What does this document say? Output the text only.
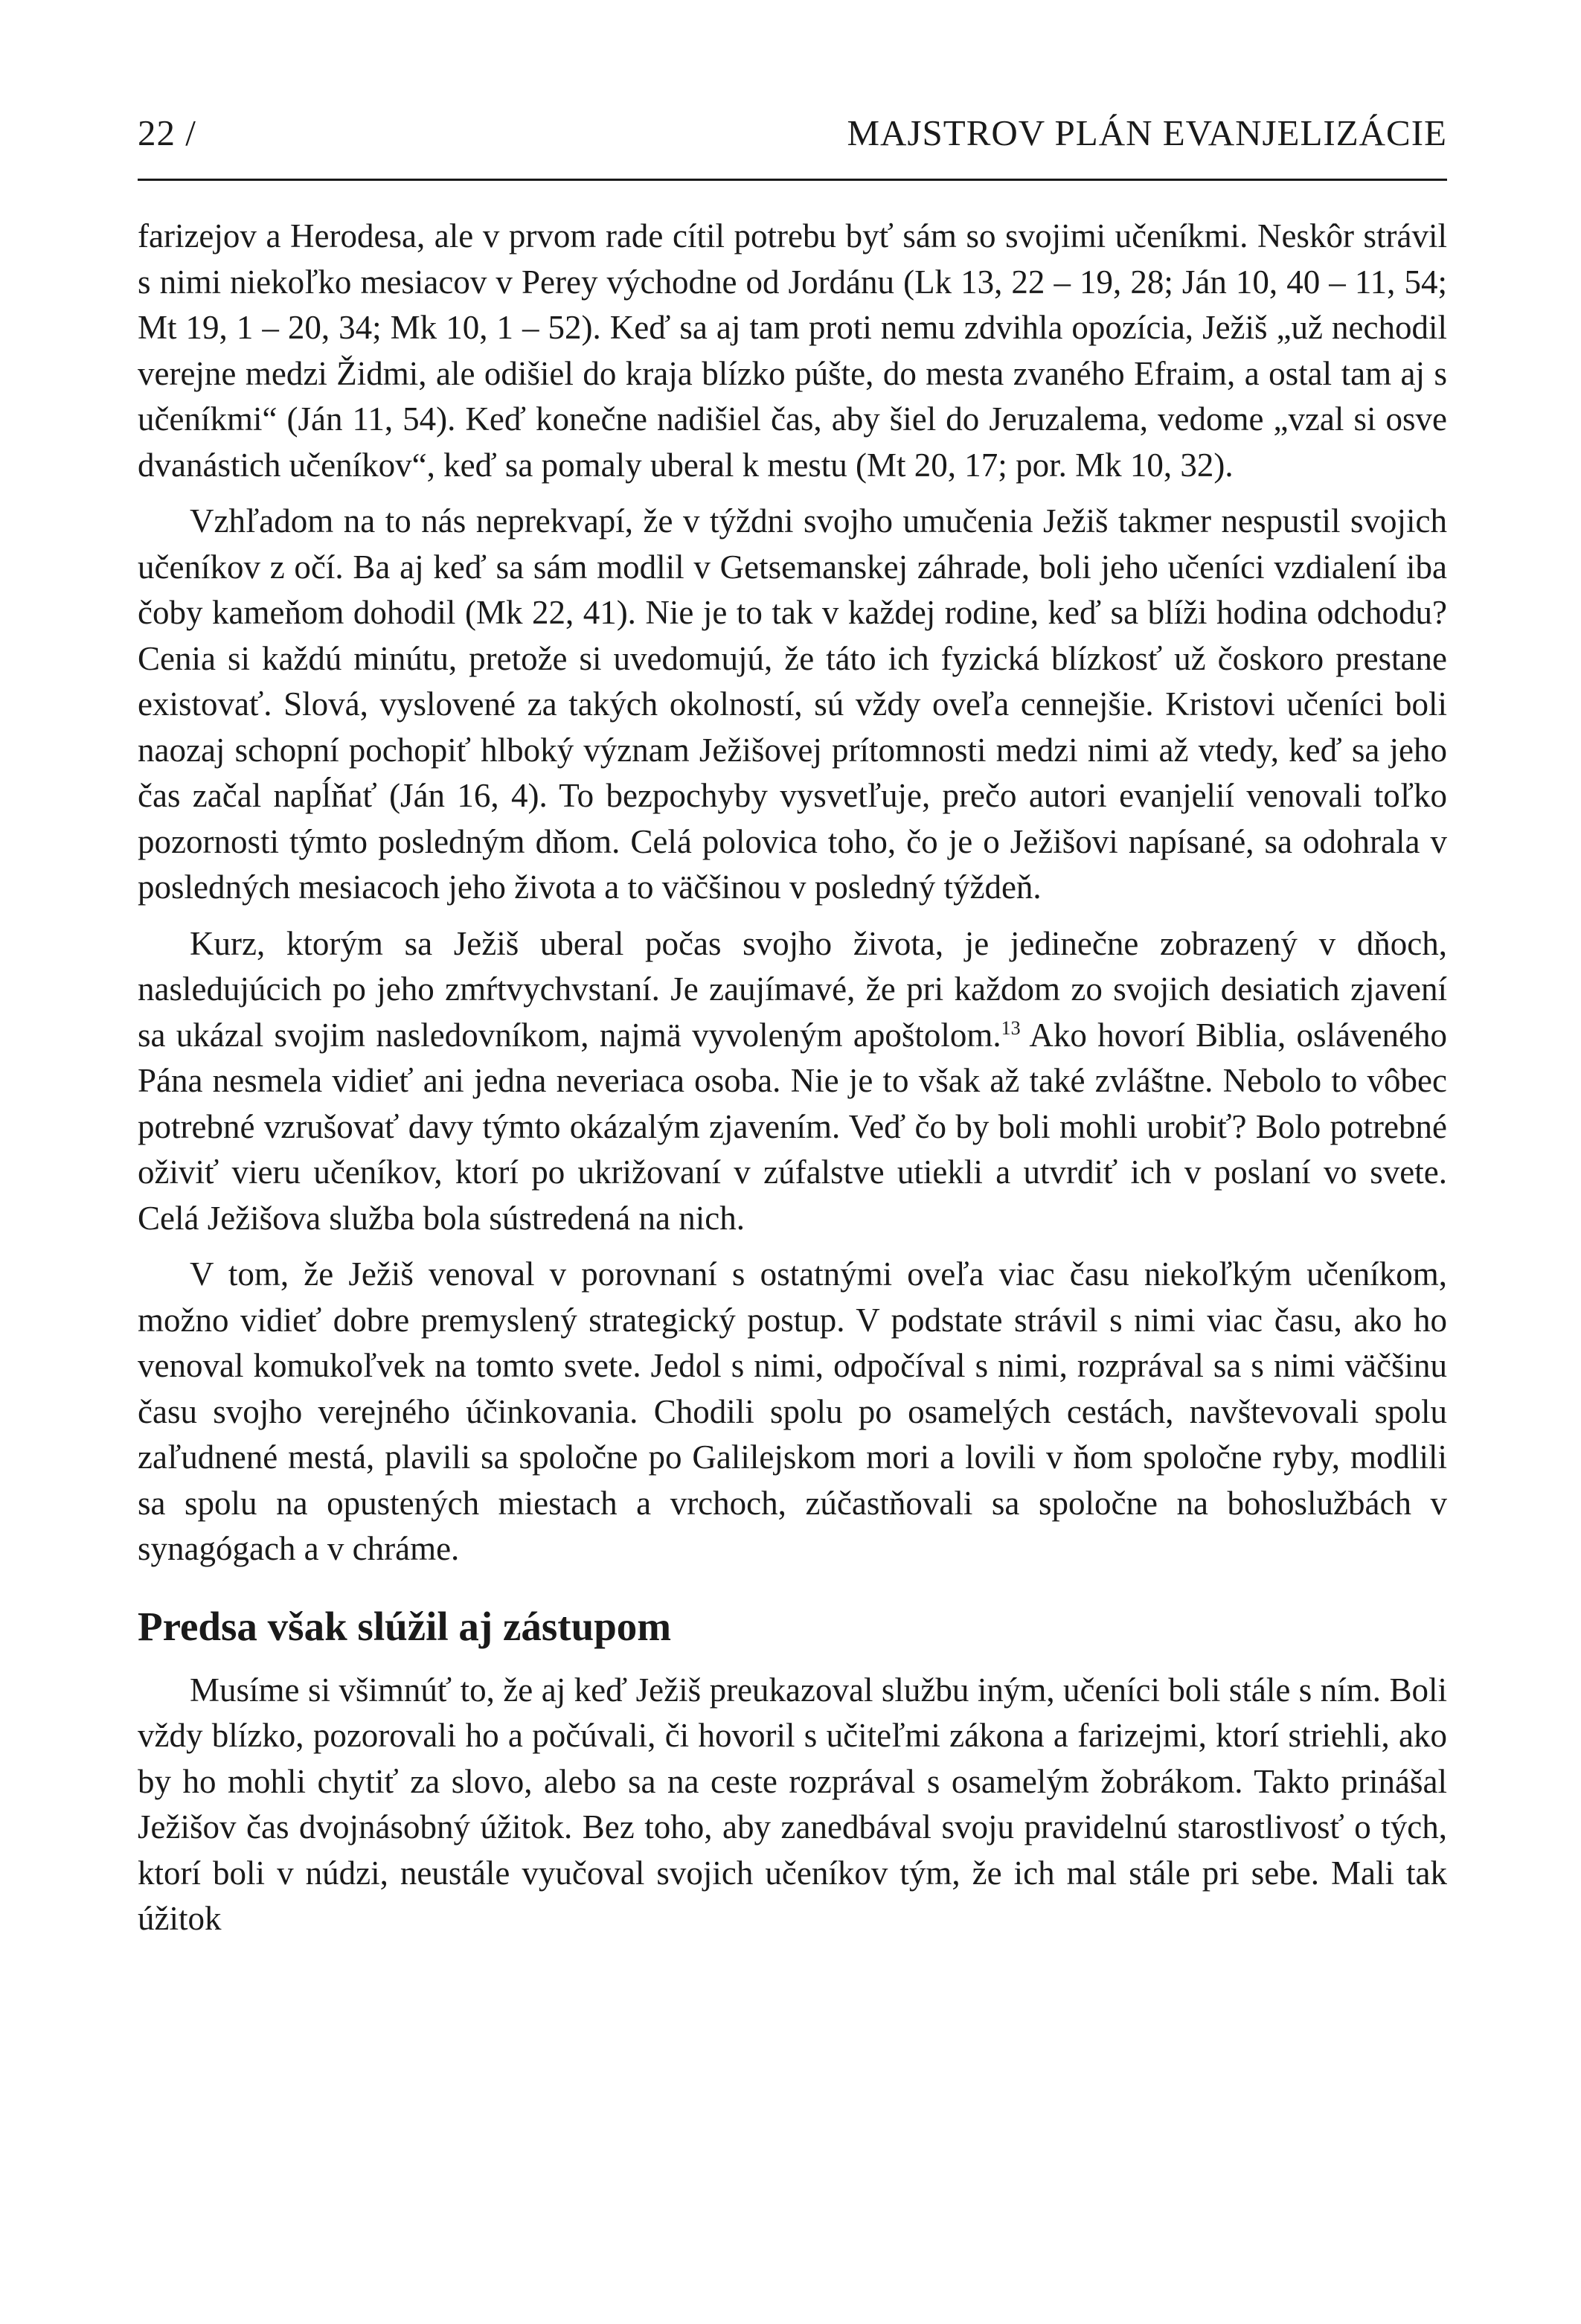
22 /	MAJSTROV PLÁN EVANJELIZÁCIE

farizejov a Herodesa, ale v prvom rade cítil potrebu byť sám so svojimi učeníkmi. Neskôr strávil s nimi niekoľko mesiacov v Perey východne od Jordánu (Lk 13, 22 – 19, 28; Ján 10, 40 – 11, 54; Mt 19, 1 – 20, 34; Mk 10, 1 – 52). Keď sa aj tam proti nemu zdvihla opozícia, Ježiš „už nechodil verejne medzi Židmi, ale odišiel do kraja blízko púšte, do mesta zvaného Efraim, a ostal tam aj s učeníkmi“ (Ján 11, 54). Keď konečne nadišiel čas, aby šiel do Jeruzalema, vedome „vzal si osve dvanástich učeníkov“, keď sa pomaly uberal k mestu (Mt 20, 17; por. Mk 10, 32).

Vzhľadom na to nás neprekvapí, že v týždni svojho umučenia Ježiš takmer nespustil svojich učeníkov z očí. Ba aj keď sa sám modlil v Getsemanskej záhrade, boli jeho učeníci vzdialení iba čoby kameňom dohodil (Mk 22, 41). Nie je to tak v každej rodine, keď sa blíži hodina odchodu? Cenia si každú minútu, pretože si uvedomujú, že táto ich fyzická blízkosť už čoskoro prestane existovať. Slová, vyslovené za takých okolností, sú vždy oveľa cennejšie. Kristovi učeníci boli naozaj schopní pochopiť hlboký význam Ježišovej prítomnosti medzi nimi až vtedy, keď sa jeho čas začal napĺňať (Ján 16, 4). To bezpochyby vysvetľuje, prečo autori evanjelií venovali toľko pozornosti týmto posledným dňom. Celá polovica toho, čo je o Ježišovi napísané, sa odohrala v posledných mesiacoch jeho života a to väčšinou v posledný týždeň.

Kurz, ktorým sa Ježiš uberal počas svojho života, je jedinečne zobrazený v dňoch, nasledujúcich po jeho zmŕtvychvstaní. Je zaujímavé, že pri každom zo svojich desiatich zjavení sa ukázal svojim nasledovníkom, najmä vyvoleným apoštolom.$^{13}$ Ako hovorí Biblia, osláveného Pána nesmela vidieť ani jedna neveriaca osoba. Nie je to však až také zvláštne. Nebolo to vôbec potrebné vzrušovať davy týmto okázalým zjavením. Veď čo by boli mohli urobiť? Bolo potrebné oživiť vieru učeníkov, ktorí po ukrižovaní v zúfalstve utiekli a utvrdiť ich v poslaní vo svete. Celá Ježišova služba bola sústredená na nich.

V tom, že Ježiš venoval v porovnaní s ostatnými oveľa viac času niekoľkým učeníkom, možno vidieť dobre premyslený strategický postup. V podstate strávil s nimi viac času, ako ho venoval komukoľvek na tomto svete. Jedol s nimi, odpočíval s nimi, rozprával sa s nimi väčšinu času svojho verejného účinkovania. Chodili spolu po osamelých cestách, navštevovali spolu zaľudnené mestá, plavili sa spoločne po Galilejskom mori a lovili v ňom spoločne ryby, modlili sa spolu na opustených miestach a vrchoch, zúčastňovali sa spoločne na bohoslužbách v synagógach a v chráme.

Predsa však slúžil aj zástupom

Musíme si všimnúť to, že aj keď Ježiš preukazoval službu iným, učeníci boli stále s ním. Boli vždy blízko, pozorovali ho a počúvali, či hovoril s učiteľmi zákona a farizejmi, ktorí striehli, ako by ho mohli chytiť za slovo, alebo sa na ceste rozprával s osamelým žobrákom. Takto prinášal Ježišov čas dvojnásobný úžitok. Bez toho, aby zanedbával svoju pravidelnú starostlivosť o tých, ktorí boli v núdzi, neustále vyučoval svojich učeníkov tým, že ich mal stále pri sebe. Mali tak úžitok
